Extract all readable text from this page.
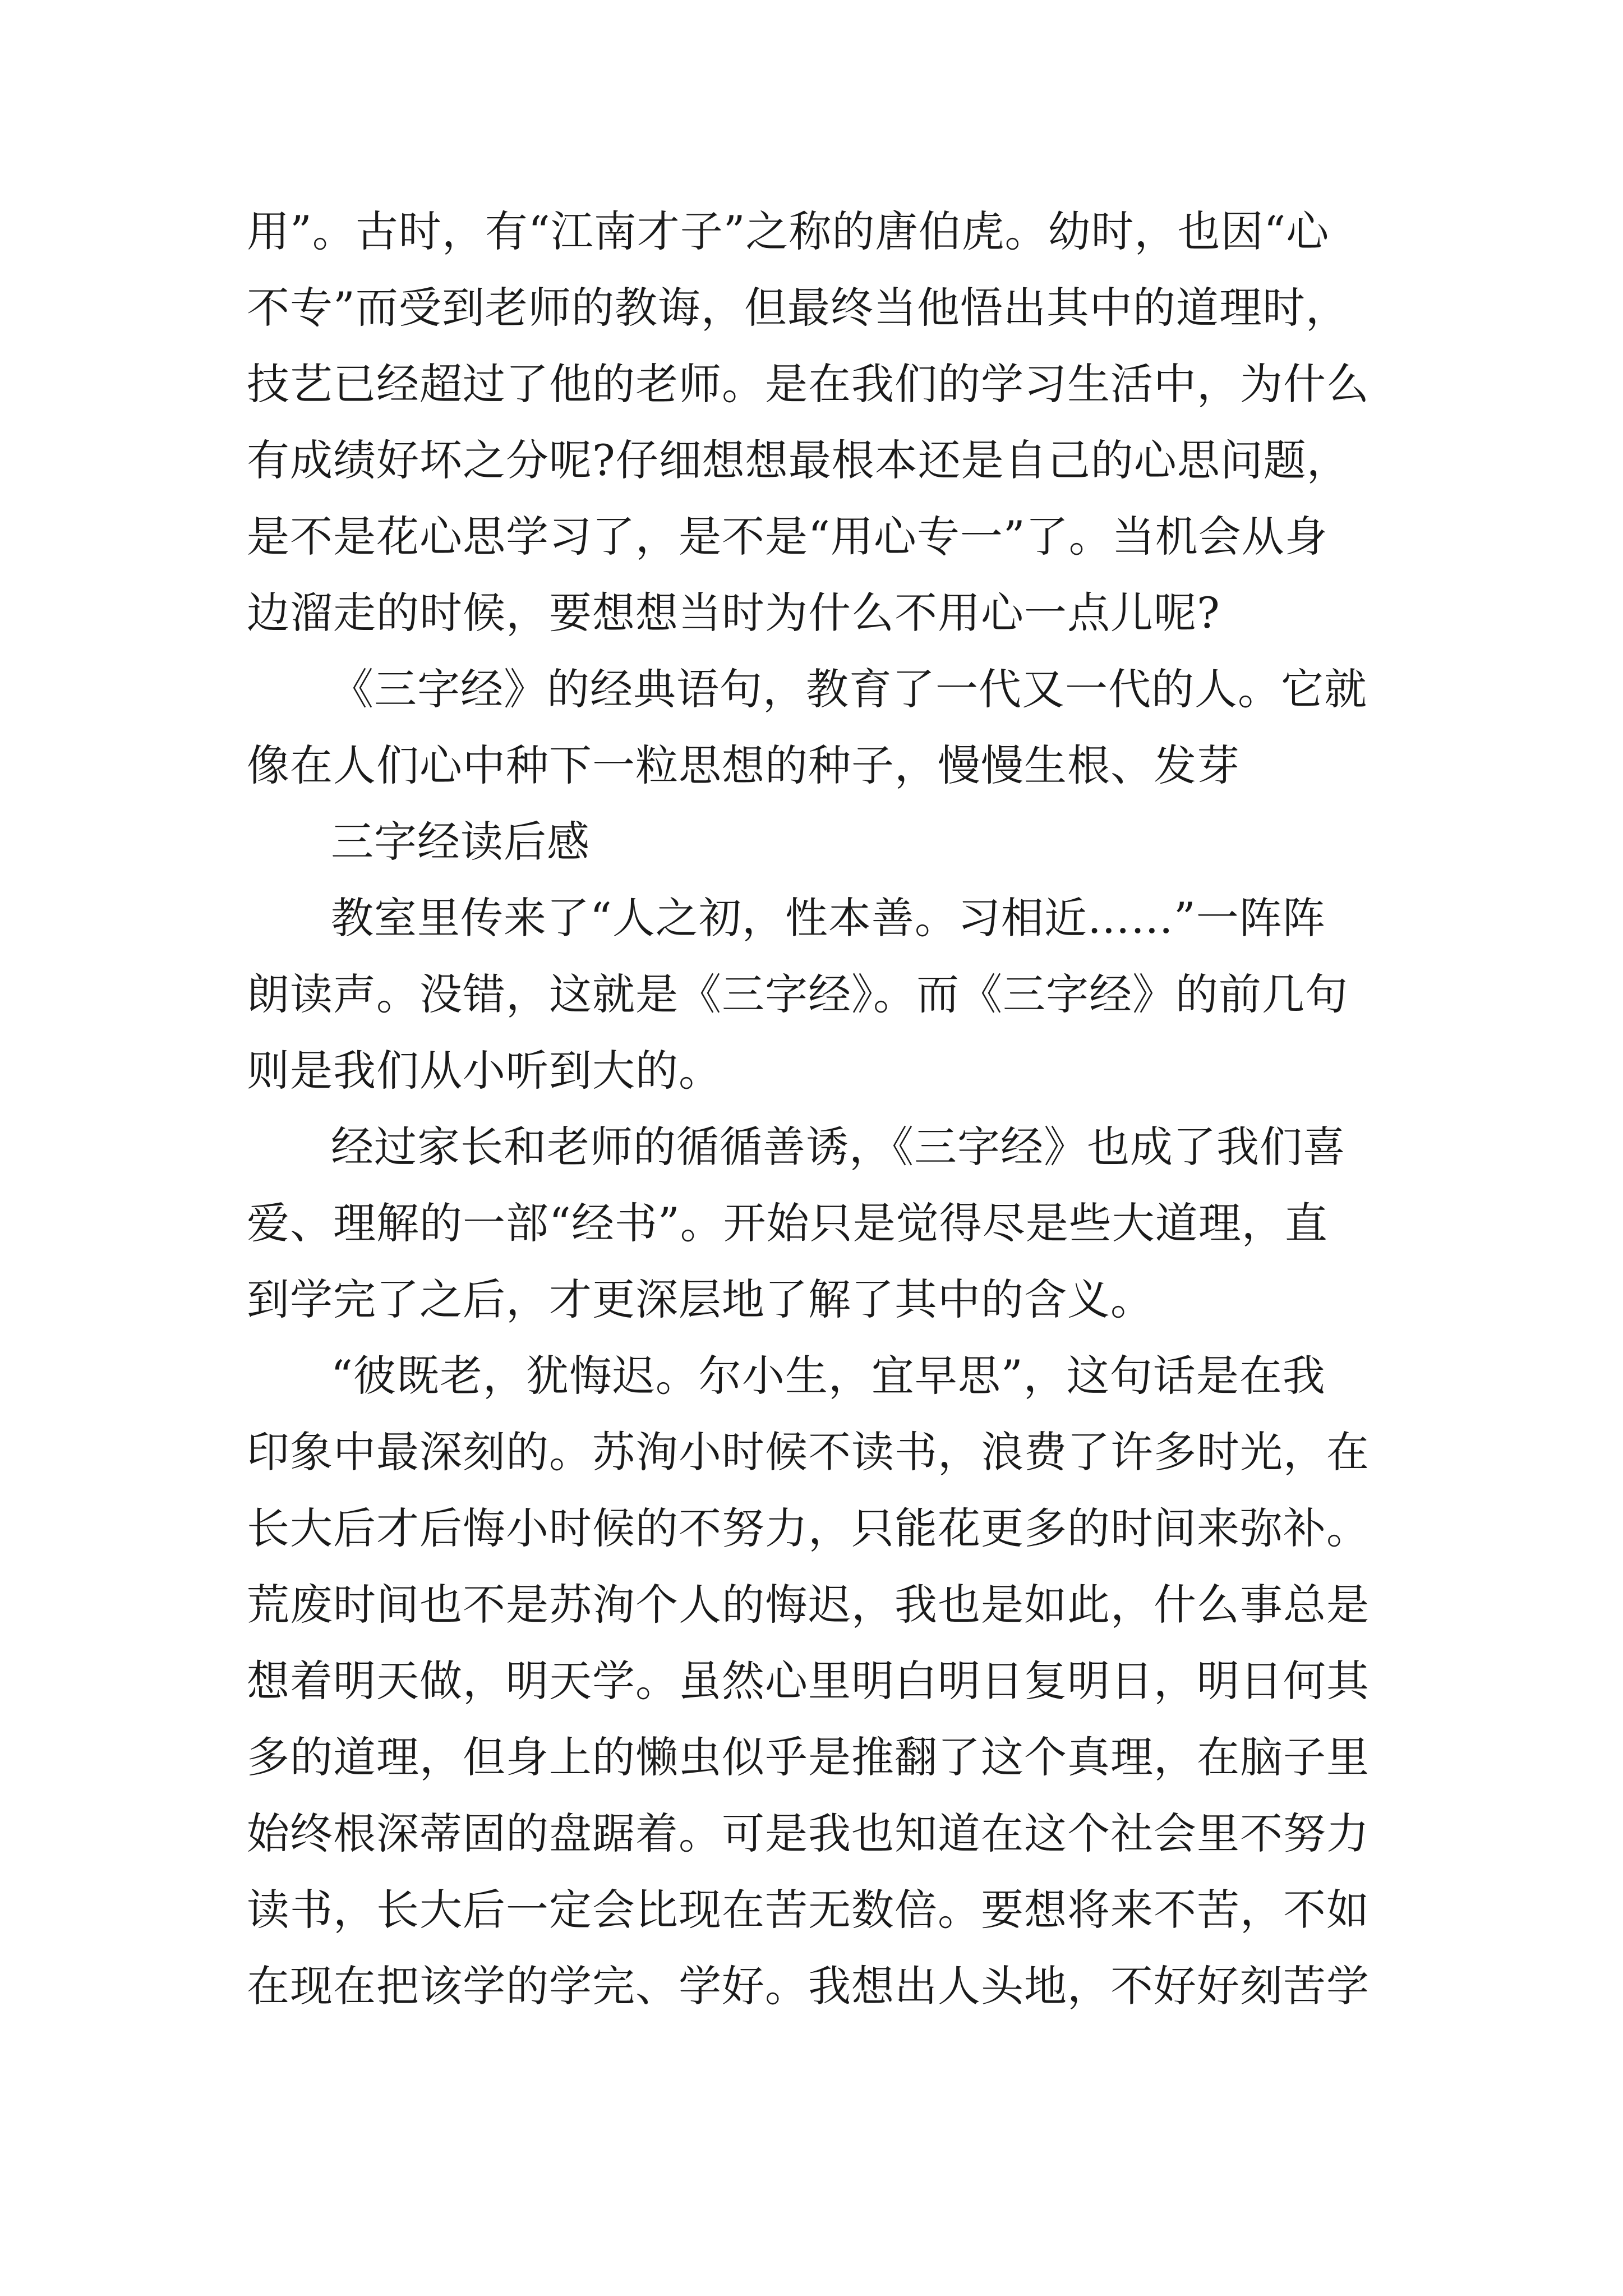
用”。古时，有“江南才子”之称的唐伯虎。幼时，也因“心
不专”而受到老师的教诲，但最终当他悟出其中的道理时，
技艺已经超过了他的老师。是在我们的学习生活中，为什么
有成绩好坏之分呢?仔细想想最根本还是自己的心思问题，
是不是花心思学习了，是不是“用心专一”了。当机会从身
边溜走的时候，要想想当时为什么不用心一点儿呢?
《三字经》的经典语句，教育了一代又一代的人。它就
像在人们心中种下一粒思想的种子，慢慢生根、发芽
三字经读后感
教室里传来了“人之初，性本善。习相近……”一阵阵
朗读声。没错，这就是《三字经》。而《三字经》的前几句
则是我们从小听到大的。
经过家长和老师的循循善诱，《三字经》也成了我们喜
爱、理解的一部“经书”。开始只是觉得尽是些大道理，直
到学完了之后，才更深层地了解了其中的含义。
“彼既老，犹悔迟。尔小生，宜早思”，这句话是在我
印象中最深刻的。苏洵小时候不读书，浪费了许多时光，在
长大后才后悔小时候的不努力，只能花更多的时间来弥补。
荒废时间也不是苏洵个人的悔迟，我也是如此，什么事总是
想着明天做，明天学。虽然心里明白明日复明日，明日何其
多的道理，但身上的懒虫似乎是推翻了这个真理，在脑子里
始终根深蒂固的盘踞着。可是我也知道在这个社会里不努力
读书，长大后一定会比现在苦无数倍。要想将来不苦，不如
在现在把该学的学完、学好。我想出人头地，不好好刻苦学
